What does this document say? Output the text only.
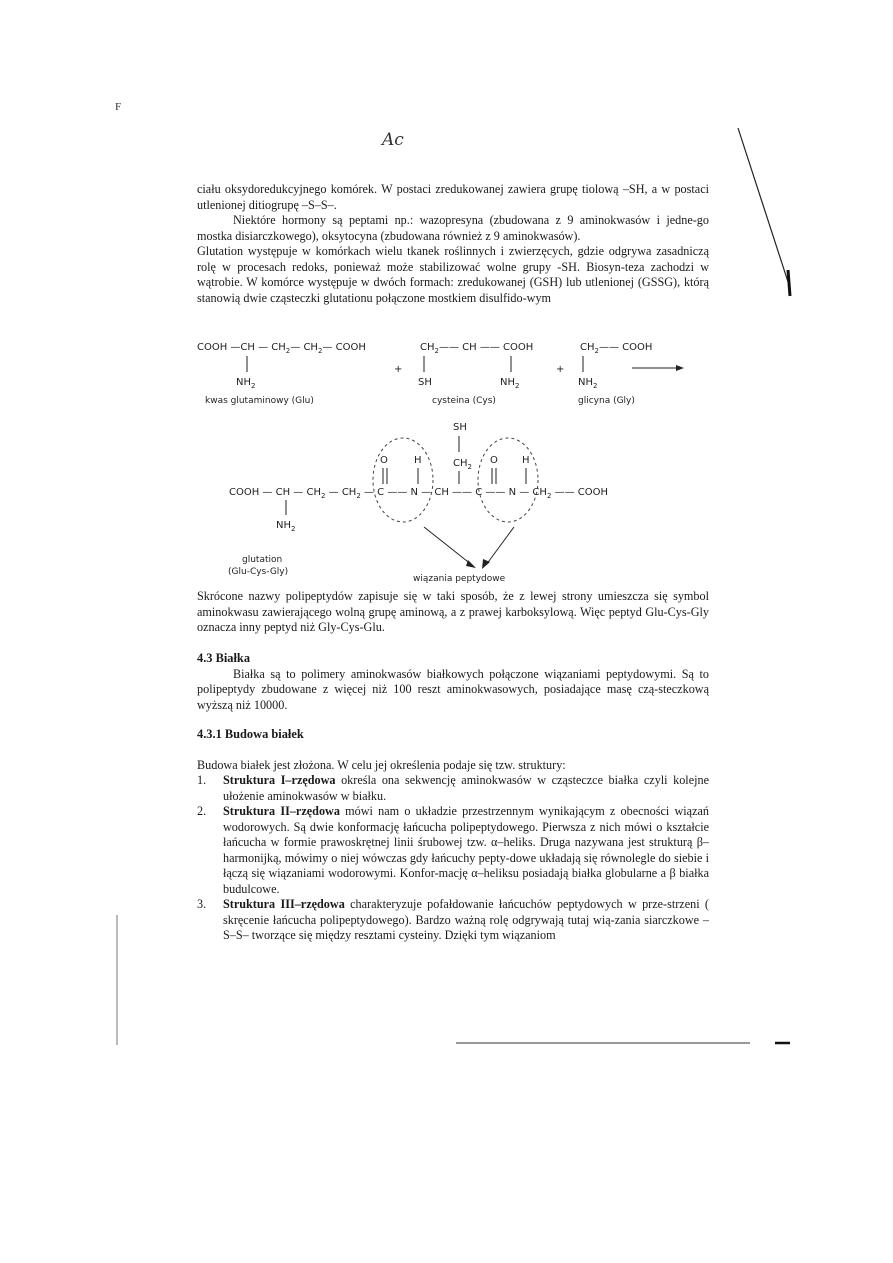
F
Ac

ciału oksydoredukcyjnego komórek. W postaci zredukowanej zawiera grupę tiolową –SH, a w postaci utlenionej ditiogrupę –S–S–.

Niektóre hormony są peptami np.: wazopresyna (zbudowana z 9 aminokwasów i jedne-go mostka disiarczkowego), oksytocyna (zbudowana również z 9 aminokwasów).

Glutation występuje w komórkach wielu tkanek roślinnych i zwierzęcych, gdzie odgrywa zasadniczą rolę w procesach redoks, ponieważ może stabilizować wolne grupy -SH. Biosyn-teza zachodzi w wątrobie. W komórce występuje w dwóch formach: zredukowanej (GSH) lub utlenionej (GSSG), którą stanowią dwie cząsteczki glutationu połączone mostkiem disulfido-wym

COOH —CH — $CH_2—$ $CH_2—$ COOH
$NH_2$
kwas glutaminowy (Glu)
+
$CH_2——$ CH —— COOH
SH	$NH_2$
cysteina (Cys)
+
$CH_2——$ COOH
$NH_2$
glicyna (Gly)
SH
O	H	$CH_2$
O H
COOH — CH — $CH_2$ — $CH_2$ — C —— N — CH —— C —— N — $CH_2$ —— COOH
$NH_2$
glutation
(Glu-Cys-Gly)
wiązania peptydowe

Skrócone nazwy polipeptydów zapisuje się w taki sposób, że z lewej strony umieszcza się symbol aminokwasu zawierającego wolną grupę aminową, a z prawej karboksylową. Więc peptyd Glu-Cys-Gly oznacza inny peptyd niż Gly-Cys-Glu.

4.3 Białka

Białka są to polimery aminokwasów białkowych połączone wiązaniami peptydowymi. Są to polipeptydy zbudowane z więcej niż 100 reszt aminokwasowych, posiadające masę czą-steczkową wyższą niż 10000.

4.3.1 Budowa białek

Budowa białek jest złożona. W celu jej określenia podaje się tzw. struktury:

1. Struktura I–rzędowa określa ona sekwencję aminokwasów w cząsteczce białka czyli kolejne ułożenie aminokwasów w białku.
2. Struktura II–rzędowa mówi nam o układzie przestrzennym wynikającym z obecności wiązań wodorowych. Są dwie konformację łańcucha polipeptydowego. Pierwsza z nich mówi o kształcie łańcucha w formie prawoskrętnej linii śrubowej tzw. α–heliks. Druga nazywana jest strukturą β–harmonijką, mówimy o niej wówczas gdy łańcuchy pepty-dowe układają się równolegle do siebie i łączą się wiązaniami wodorowymi. Konfor-mację α–heliksu posiadają białka globularne a β białka budulcowe.
3. Struktura III–rzędowa charakteryzuje pofałdowanie łańcuchów peptydowych w prze-strzeni ( skręcenie łańcucha polipeptydowego). Bardzo ważną rolę odgrywają tutaj wią-zania siarczkowe –S–S– tworzące się między resztami cysteiny. Dzięki tym wiązaniom
